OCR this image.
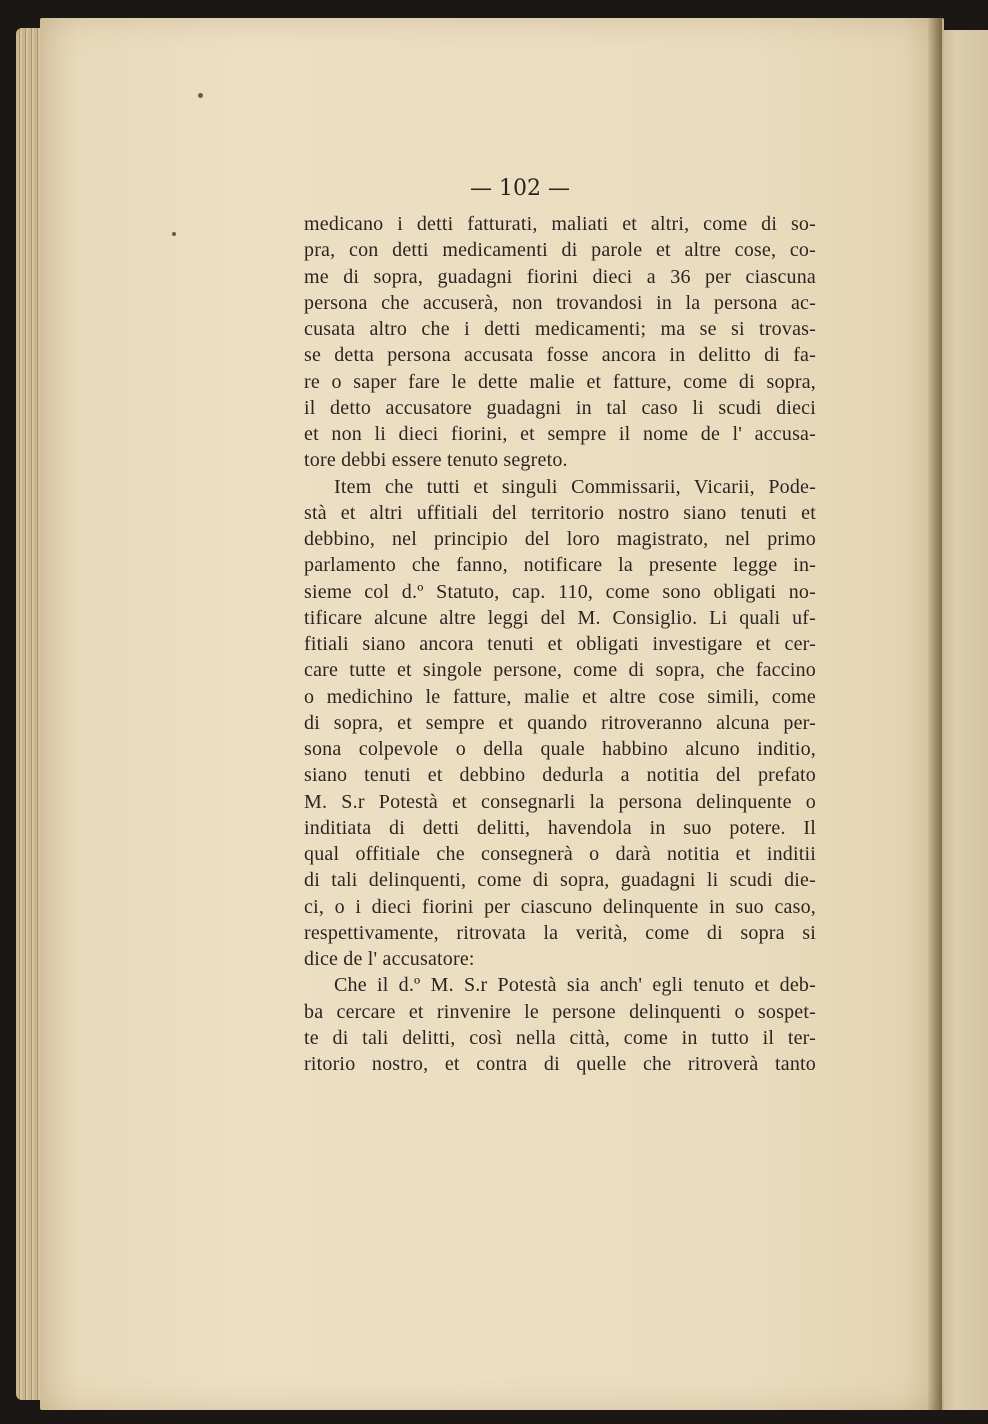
— 102 —
medicano i detti fatturati, maliati et altri, come di so-
pra, con detti medicamenti di parole et altre cose, co-
me di sopra, guadagni fiorini dieci a 36 per ciascuna
persona che accuserà, non trovandosi in la persona ac-
cusata altro che i detti medicamenti; ma se si trovas-
se detta persona accusata fosse ancora in delitto di fa-
re o saper fare le dette malie et fatture, come di sopra,
il detto accusatore guadagni in tal caso li scudi dieci
et non li dieci fiorini, et sempre il nome de l' accusa-
tore debbi essere tenuto segreto.
Item che tutti et singuli Commissarii, Vicarii, Pode-
stà et altri uffitiali del territorio nostro siano tenuti et
debbino, nel principio del loro magistrato, nel primo
parlamento che fanno, notificare la presente legge in-
sieme col d.º Statuto, cap. 110, come sono obligati no-
tificare alcune altre leggi del M. Consiglio. Li quali uf-
fitiali siano ancora tenuti et obligati investigare et cer-
care tutte et singole persone, come di sopra, che faccino
o medichino le fatture, malie et altre cose simili, come
di sopra, et sempre et quando ritroveranno alcuna per-
sona colpevole o della quale habbino alcuno inditio,
siano tenuti et debbino dedurla a notitia del prefato
M. S.r Potestà et consegnarli la persona delinquente o
inditiata di detti delitti, havendola in suo potere. Il
qual offitiale che consegnerà o darà notitia et inditii
di tali delinquenti, come di sopra, guadagni li scudi die-
ci, o i dieci fiorini per ciascuno delinquente in suo caso,
respettivamente, ritrovata la verità, come di sopra si
dice de l' accusatore:
Che il d.º M. S.r Potestà sia anch' egli tenuto et deb-
ba cercare et rinvenire le persone delinquenti o sospet-
te di tali delitti, così nella città, come in tutto il ter-
ritorio nostro, et contra di quelle che ritroverà tanto
